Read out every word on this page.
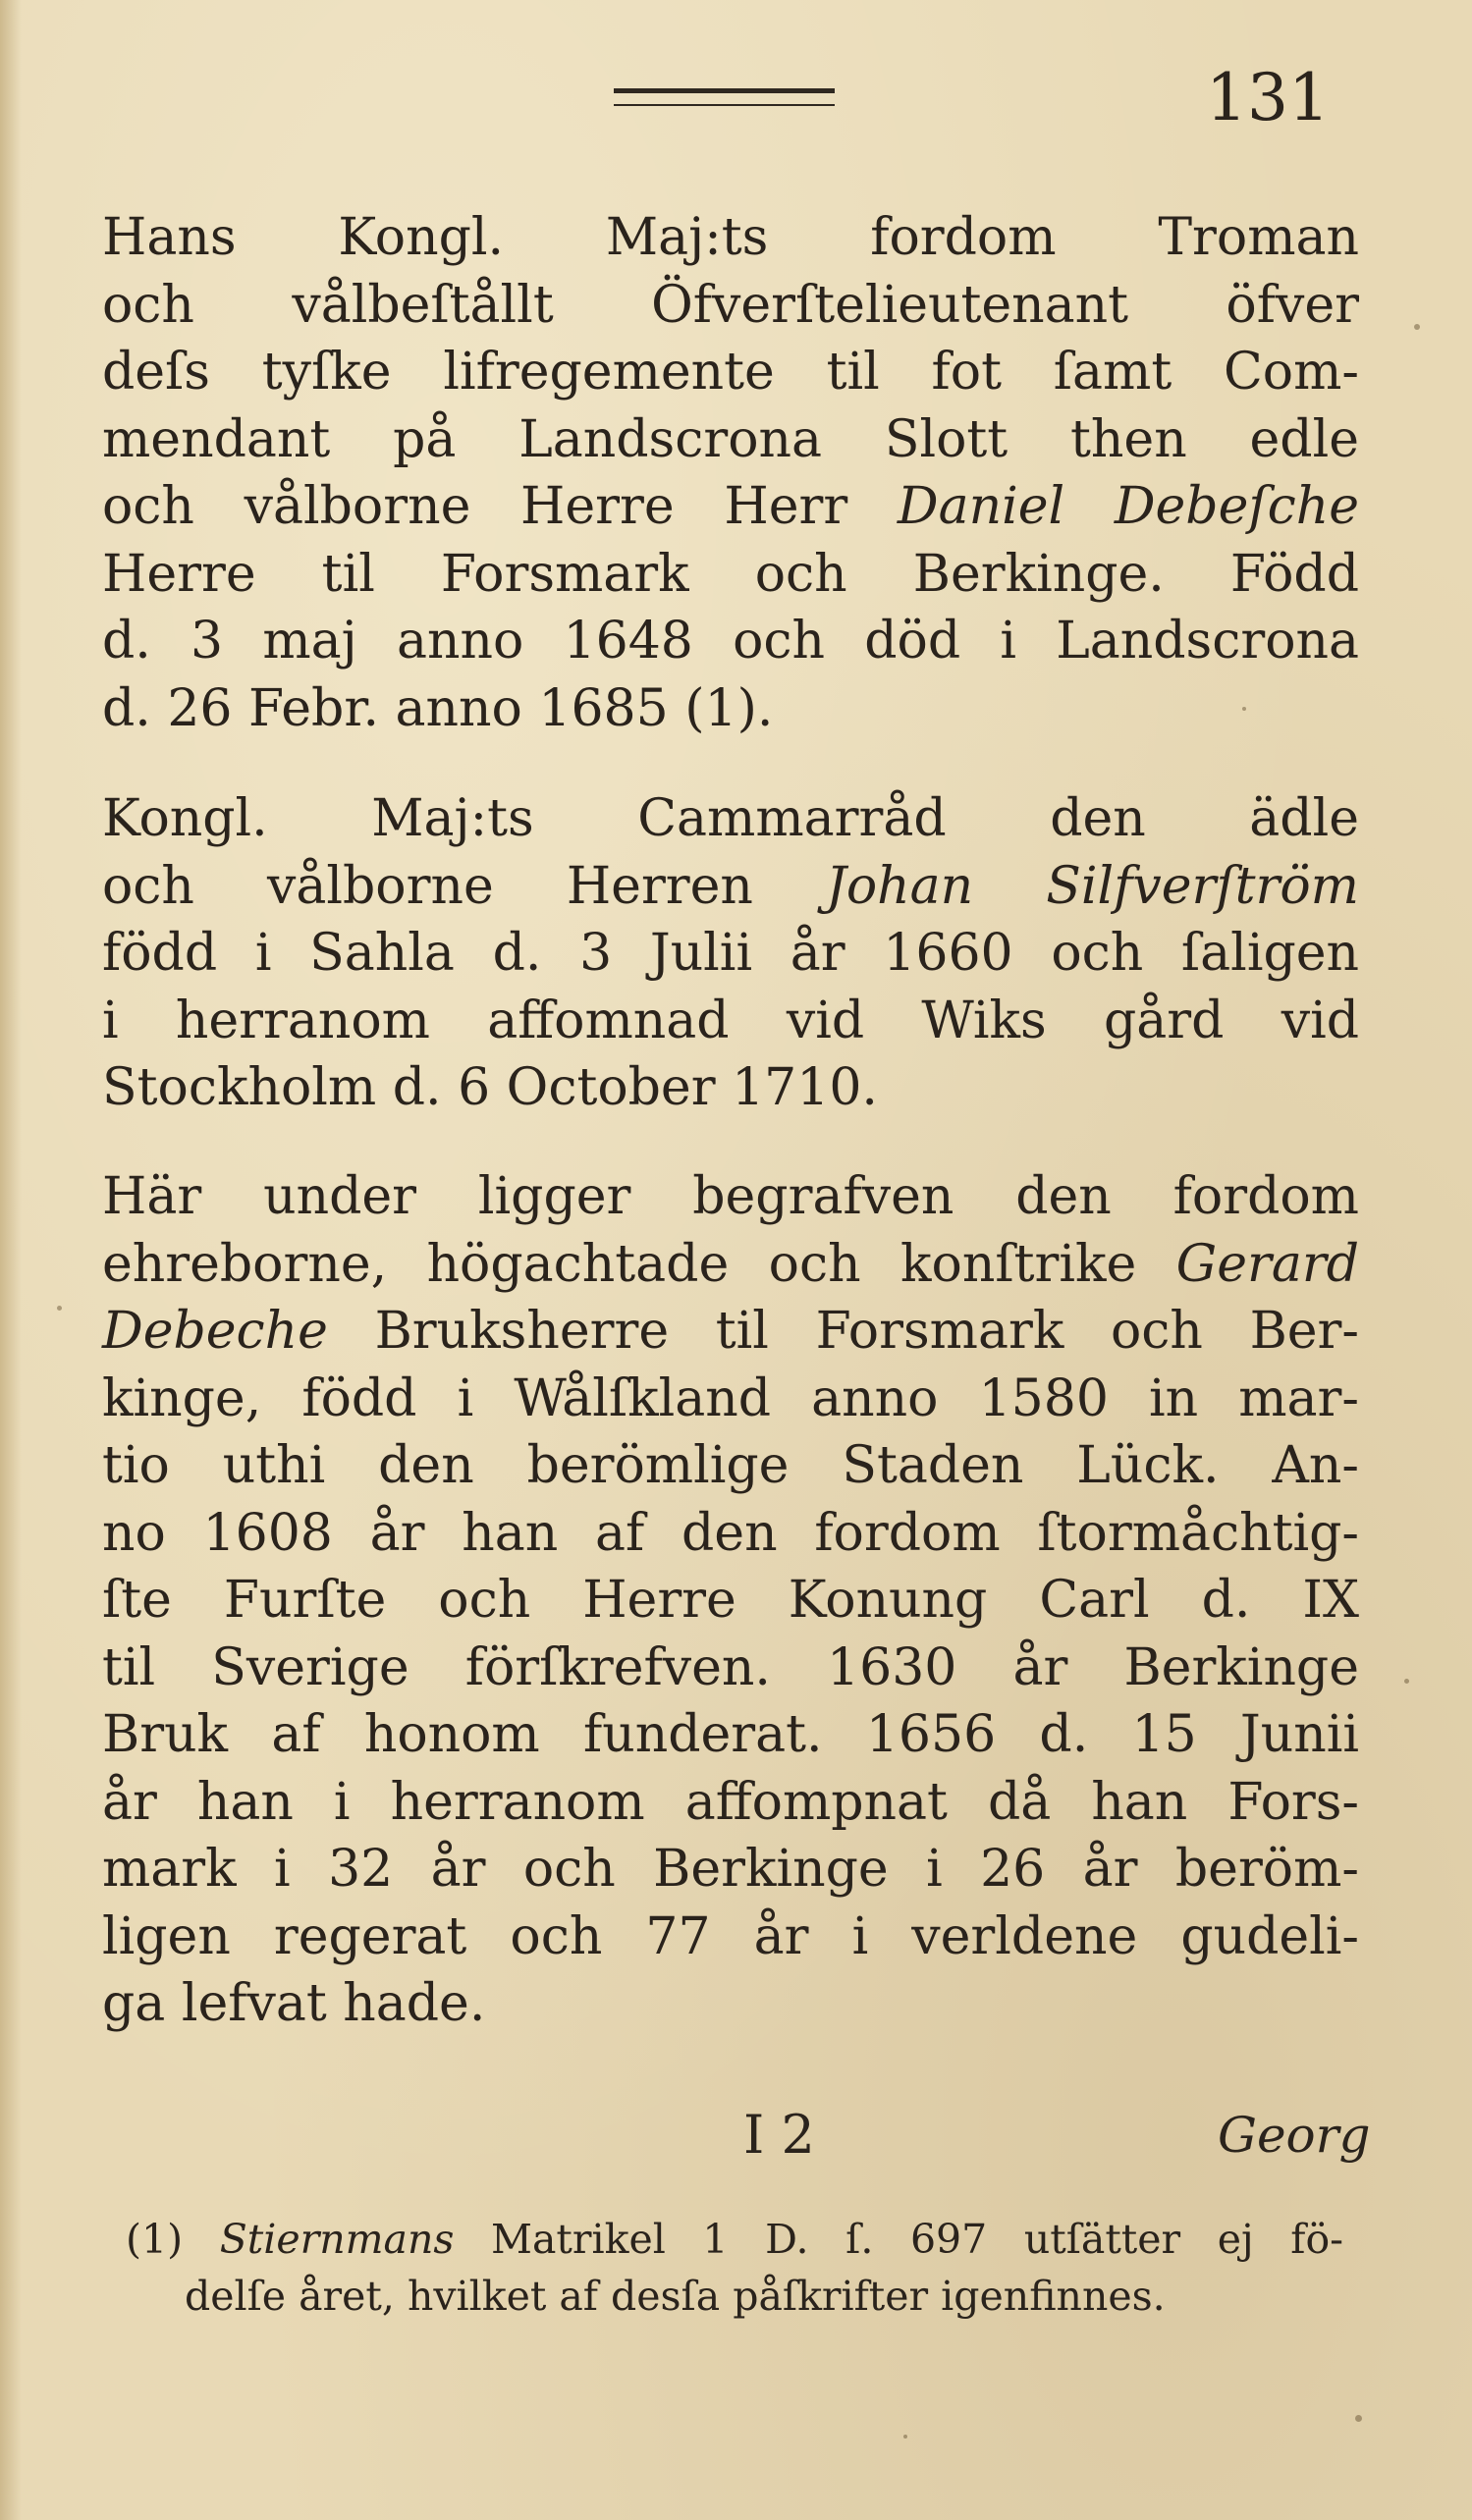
131

Hans Kongl. Maj:ts fordom Troman
och vålbeſtållt Öfverſtelieutenant öfver
deſs tyſke lifregemente til fot ſamt Com-
mendant på Landscrona Slott then edle
och vålborne Herre Herr Daniel Debeſche
Herre til Forsmark och Berkinge. Född
d. 3 maj anno 1648 och död i Landscrona
d. 26 Febr. anno 1685 (1).

Kongl. Maj:ts Cammarråd den ädle
och vålborne Herren Johan Silfverſtröm
född i Sahla d. 3 Julii år 1660 och ſaligen
i herranom affomnad vid Wiks gård vid
Stockholm d. 6 October 1710.

Här under ligger begrafven den fordom
ehreborne, högachtade och konſtrike Gerard
Debeche Bruksherre til Forsmark och Ber-
kinge, född i Wålſkland anno 1580 in mar-
tio uthi den berömlige Staden Lück. An-
no 1608 år han af den fordom ſtormåchtig-
ſte Furſte och Herre Konung Carl d. IX
til Sverige förſkrefven. 1630 år Berkinge
Bruk af honom funderat. 1656 d. 15 Junii
år han i herranom affompnat då han Fors-
mark i 32 år och Berkinge i 26 år beröm-
ligen regerat och 77 år i verldene gudeli-
ga lefvat hade.

I 2	Georg

(1) Stiernmans Matrikel 1 D. ſ. 697 utſätter ej fö-
delſe året, hvilket af desſa påſkrifter igenfinnes.
